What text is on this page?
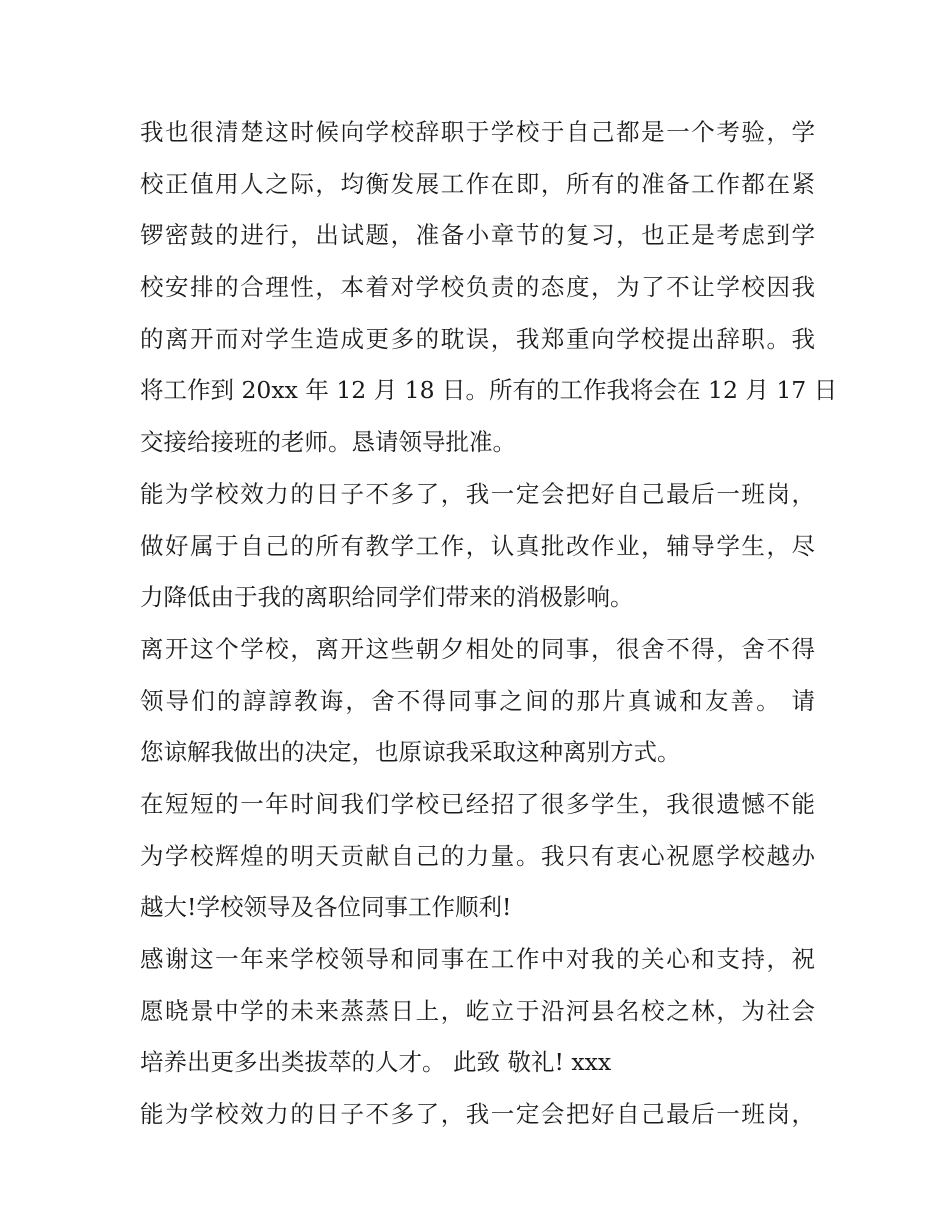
我也很清楚这时候向学校辞职于学校于自己都是一个考验，学
校正值用人之际，均衡发展工作在即，所有的准备工作都在紧
锣密鼓的进行，出试题，准备小章节的复习，也正是考虑到学
校安排的合理性，本着对学校负责的态度，为了不让学校因我
的离开而对学生造成更多的耽误，我郑重向学校提出辞职。我
将工作到 20xx 年 12 月 18 日。所有的工作我将会在 12 月 17 日
交接给接班的老师。恳请领导批准。
能为学校效力的日子不多了，我一定会把好自己最后一班岗，
做好属于自己的所有教学工作，认真批改作业，辅导学生，尽
力降低由于我的离职给同学们带来的消极影响。
离开这个学校，离开这些朝夕相处的同事，很舍不得，舍不得
领导们的諄諄教诲，舍不得同事之间的那片真诚和友善。 请
您谅解我做出的决定，也原谅我采取这种离别方式。
在短短的一年时间我们学校已经招了很多学生，我很遗憾不能
为学校辉煌的明天贡献自己的力量。我只有衷心祝愿学校越办
越大!学校领导及各位同事工作顺利!
感谢这一年来学校领导和同事在工作中对我的关心和支持，祝
愿晓景中学的未来蒸蒸日上，屹立于沿河县名校之林，为社会
培养出更多出类拔萃的人才。 此致 敬礼! xxx
能为学校效力的日子不多了，我一定会把好自己最后一班岗，
